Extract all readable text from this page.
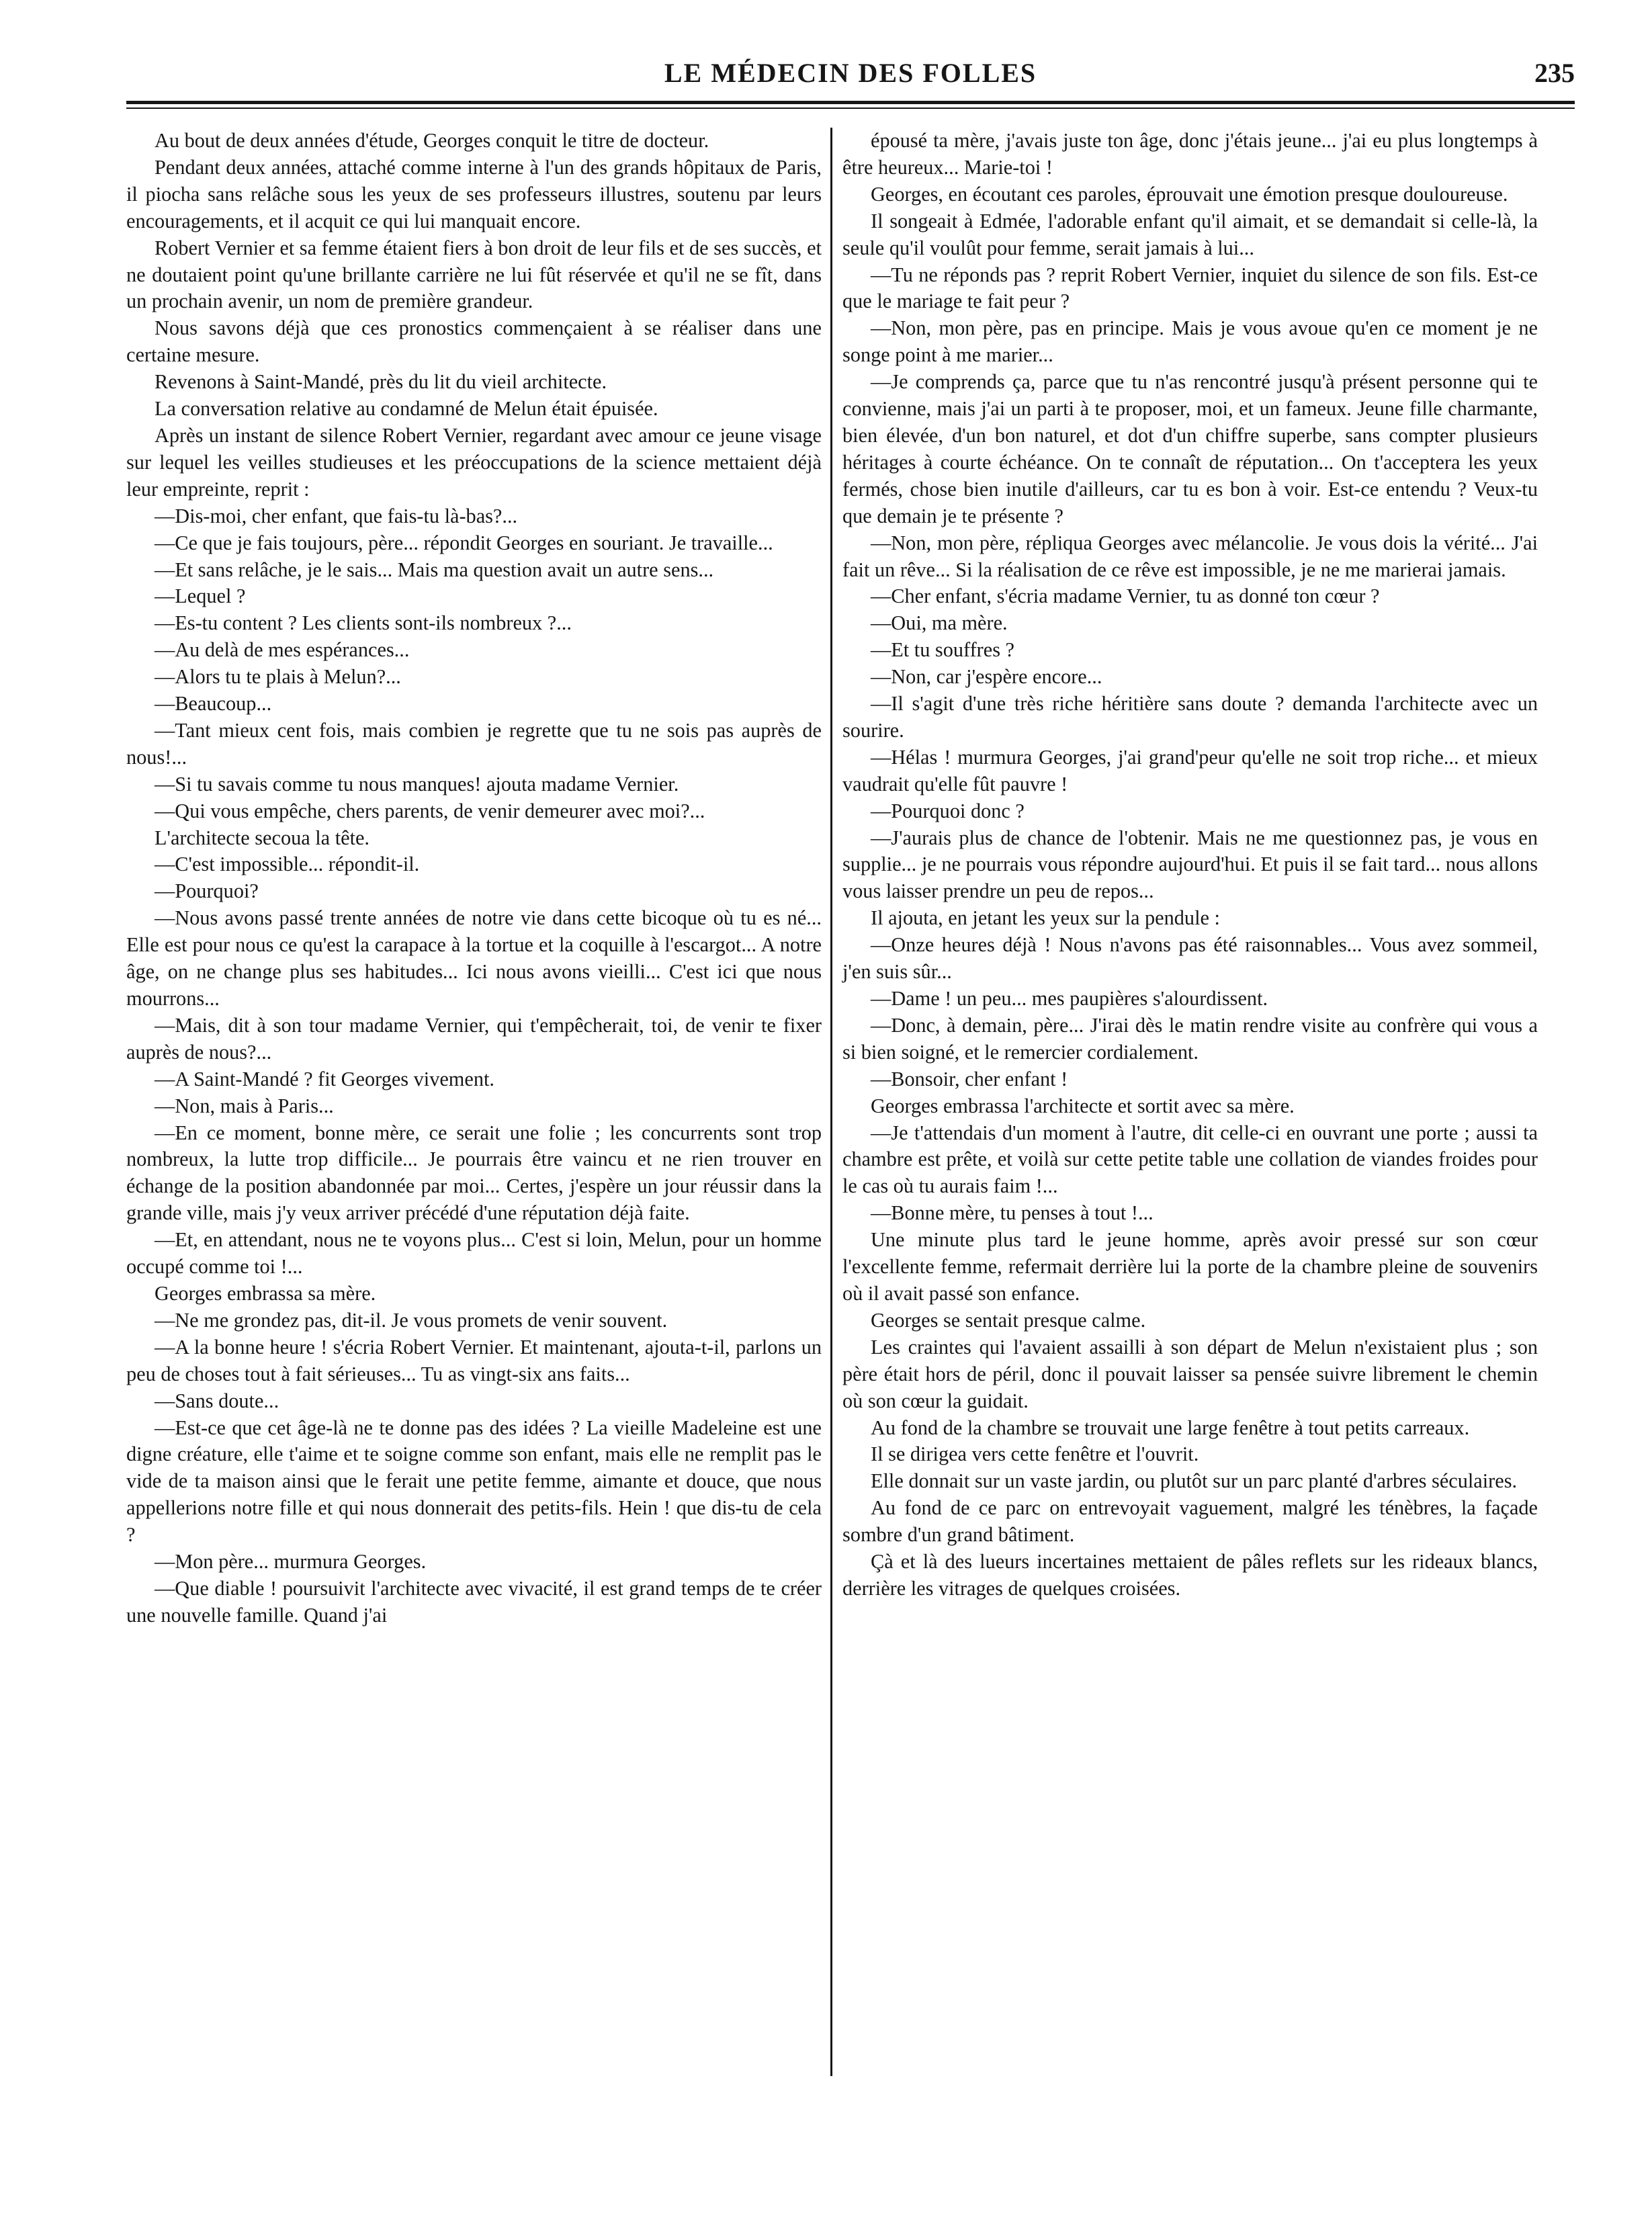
LE MÉDECIN DES FOLLES	235

Au bout de deux années d'étude, Georges conquit le titre de docteur.

Pendant deux années, attaché comme interne à l'un des grands hôpitaux de Paris, il piocha sans relâche sous les yeux de ses professeurs illustres, soutenu par leurs encouragements, et il acquit ce qui lui manquait encore.

Robert Vernier et sa femme étaient fiers à bon droit de leur fils et de ses succès, et ne doutaient point qu'une brillante carrière ne lui fût réservée et qu'il ne se fît, dans un prochain avenir, un nom de première grandeur.

Nous savons déjà que ces pronostics commençaient à se réaliser dans une certaine mesure.

Revenons à Saint-Mandé, près du lit du vieil architecte.

La conversation relative au condamné de Melun était épuisée.

Après un instant de silence Robert Vernier, regardant avec amour ce jeune visage sur lequel les veilles studieuses et les préoccupations de la science mettaient déjà leur empreinte, reprit :

—Dis-moi, cher enfant, que fais-tu là-bas?...

—Ce que je fais toujours, père... répondit Georges en souriant. Je travaille...

—Et sans relâche, je le sais... Mais ma question avait un autre sens...

—Lequel ?

—Es-tu content ? Les clients sont-ils nombreux ?...

—Au delà de mes espérances...

—Alors tu te plais à Melun?...

—Beaucoup...

—Tant mieux cent fois, mais combien je regrette que tu ne sois pas auprès de nous!...

—Si tu savais comme tu nous manques! ajouta madame Vernier.

—Qui vous empêche, chers parents, de venir demeurer avec moi?...

L'architecte secoua la tête.

—C'est impossible... répondit-il.

—Pourquoi?

—Nous avons passé trente années de notre vie dans cette bicoque où tu es né... Elle est pour nous ce qu'est la carapace à la tortue et la coquille à l'escargot... A notre âge, on ne change plus ses habitudes... Ici nous avons vieilli... C'est ici que nous mourrons...

—Mais, dit à son tour madame Vernier, qui t'empêcherait, toi, de venir te fixer auprès de nous?...

—A Saint-Mandé ? fit Georges vivement.

—Non, mais à Paris...

—En ce moment, bonne mère, ce serait une folie ; les concurrents sont trop nombreux, la lutte trop difficile... Je pourrais être vaincu et ne rien trouver en échange de la position abandonnée par moi... Certes, j'espère un jour réussir dans la grande ville, mais j'y veux arriver précédé d'une réputation déjà faite.

—Et, en attendant, nous ne te voyons plus... C'est si loin, Melun, pour un homme occupé comme toi !...

Georges embrassa sa mère.

—Ne me grondez pas, dit-il. Je vous promets de venir souvent.

—A la bonne heure ! s'écria Robert Vernier. Et maintenant, ajouta-t-il, parlons un peu de choses tout à fait sérieuses... Tu as vingt-six ans faits...

—Sans doute...

—Est-ce que cet âge-là ne te donne pas des idées ? La vieille Madeleine est une digne créature, elle t'aime et te soigne comme son enfant, mais elle ne remplit pas le vide de ta maison ainsi que le ferait une petite femme, aimante et douce, que nous appellerions notre fille et qui nous donnerait des petits-fils. Hein ! que dis-tu de cela ?

—Mon père... murmura Georges.

—Que diable ! poursuivit l'architecte avec vivacité, il est grand temps de te créer une nouvelle famille. Quand j'ai

épousé ta mère, j'avais juste ton âge, donc j'étais jeune... j'ai eu plus longtemps à être heureux... Marie-toi !

Georges, en écoutant ces paroles, éprouvait une émotion presque douloureuse.

Il songeait à Edmée, l'adorable enfant qu'il aimait, et se demandait si celle-là, la seule qu'il voulût pour femme, serait jamais à lui...

—Tu ne réponds pas ? reprit Robert Vernier, inquiet du silence de son fils. Est-ce que le mariage te fait peur ?

—Non, mon père, pas en principe. Mais je vous avoue qu'en ce moment je ne songe point à me marier...

—Je comprends ça, parce que tu n'as rencontré jusqu'à présent personne qui te convienne, mais j'ai un parti à te proposer, moi, et un fameux. Jeune fille charmante, bien élevée, d'un bon naturel, et dot d'un chiffre superbe, sans compter plusieurs héritages à courte échéance. On te connaît de réputation... On t'acceptera les yeux fermés, chose bien inutile d'ailleurs, car tu es bon à voir. Est-ce entendu ? Veux-tu que demain je te présente ?

—Non, mon père, répliqua Georges avec mélancolie. Je vous dois la vérité... J'ai fait un rêve... Si la réalisation de ce rêve est impossible, je ne me marierai jamais.

—Cher enfant, s'écria madame Vernier, tu as donné ton cœur ?

—Oui, ma mère.

—Et tu souffres ?

—Non, car j'espère encore...

—Il s'agit d'une très riche héritière sans doute ? demanda l'architecte avec un sourire.

—Hélas ! murmura Georges, j'ai grand'peur qu'elle ne soit trop riche... et mieux vaudrait qu'elle fût pauvre !

—Pourquoi donc ?

—J'aurais plus de chance de l'obtenir. Mais ne me questionnez pas, je vous en supplie... je ne pourrais vous répondre aujourd'hui. Et puis il se fait tard... nous allons vous laisser prendre un peu de repos...

Il ajouta, en jetant les yeux sur la pendule :

—Onze heures déjà ! Nous n'avons pas été raisonnables... Vous avez sommeil, j'en suis sûr...

—Dame ! un peu... mes paupières s'alourdissent.

—Donc, à demain, père... J'irai dès le matin rendre visite au confrère qui vous a si bien soigné, et le remercier cordialement.

—Bonsoir, cher enfant !

Georges embrassa l'architecte et sortit avec sa mère.

—Je t'attendais d'un moment à l'autre, dit celle-ci en ouvrant une porte ; aussi ta chambre est prête, et voilà sur cette petite table une collation de viandes froides pour le cas où tu aurais faim !...

—Bonne mère, tu penses à tout !...

Une minute plus tard le jeune homme, après avoir pressé sur son cœur l'excellente femme, refermait derrière lui la porte de la chambre pleine de souvenirs où il avait passé son enfance.

Georges se sentait presque calme.

Les craintes qui l'avaient assailli à son départ de Melun n'existaient plus ; son père était hors de péril, donc il pouvait laisser sa pensée suivre librement le chemin où son cœur la guidait.

Au fond de la chambre se trouvait une large fenêtre à tout petits carreaux.

Il se dirigea vers cette fenêtre et l'ouvrit.

Elle donnait sur un vaste jardin, ou plutôt sur un parc planté d'arbres séculaires.

Au fond de ce parc on entrevoyait vaguement, malgré les ténèbres, la façade sombre d'un grand bâtiment.

Çà et là des lueurs incertaines mettaient de pâles reflets sur les rideaux blancs, derrière les vitrages de quelques croisées.
